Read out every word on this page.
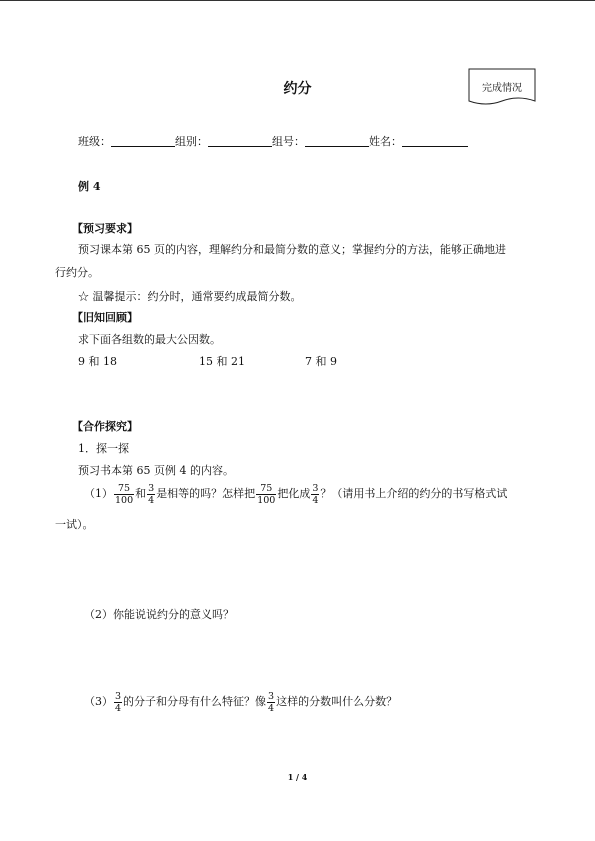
约分	完成情况
班级：	组别：	组号：	姓名：
例 4
【预习要求】
预习课本第 65 页的内容，理解约分和最简分数的意义；掌握约分的方法，能够正确地进
行约分。
☆ 温馨提示：约分时，通常要约成最简分数。
【旧知回顾】
求下面各组数的最大公因数。
9 和 18	15 和 21	7 和 9
【合作探究】
1．探一探
预习书本第 65 页例 4 的内容。
$(1) \frac{75}{100}$ 和 $\frac{3}{4}$ 是相等的吗？怎样把 $\frac{75}{100}$ 把化成 $\frac{3}{4}$ ？（请用书上介绍的约分的书写格式试
一试）。
（2）你能说说约分的意义吗？
$(3) \frac{3}{4}$ 的分子和分母有什么特征？像 $\frac{3}{4}$ 这样的分数叫什么分数？
1 / 4
